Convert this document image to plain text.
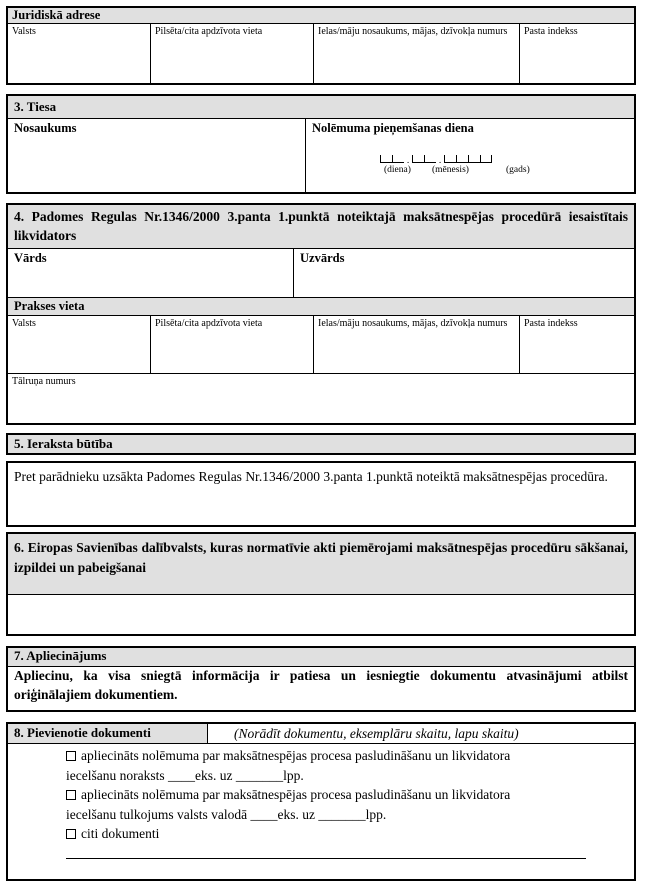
Juridiskā adrese
Valsts	Pilsēta/cita apdzīvota vieta	Ielas/māju nosaukums, mājas, dzīvokļa numurs	Pasta indekss
3. Tiesa
Nosaukums	Nolēmuma pieņemšanas diena
.	.
(diena) (mēnesis)	(gads)
4. Padomes Regulas Nr.1346/2000 3.panta 1.punktā noteiktajā maksātnespējas procedūrā iesaistītais likvidators
Vārds	Uzvārds
Prakses vieta
Valsts	Pilsēta/cita apdzīvota vieta	Ielas/māju nosaukums, mājas, dzīvokļa numurs	Pasta indekss
Tālruņa numurs
5. Ieraksta būtība
Pret parādnieku uzsākta Padomes Regulas Nr.1346/2000 3.panta 1.punktā noteiktā maksātnespējas procedūra.
6. Eiropas Savienības dalībvalsts, kuras normatīvie akti piemērojami maksātnespējas procedūru sākšanai, izpildei un pabeigšanai
7. Apliecinājums
Apliecinu, ka visa sniegtā informācija ir patiesa un iesniegtie dokumentu atvasinājumi atbilst oriģinālajiem dokumentiem.
8. Pievienotie dokumenti	(Norādīt dokumentu, eksemplāru skaitu, lapu skaitu)
apliecināts nolēmuma par maksātnespējas procesa pasludināšanu un likvidatora
iecelšanu noraksts ____eks. uz _______lpp.
apliecināts nolēmuma par maksātnespējas procesa pasludināšanu un likvidatora
iecelšanu tulkojums valsts valodā ____eks. uz _______lpp.
citi dokumenti
